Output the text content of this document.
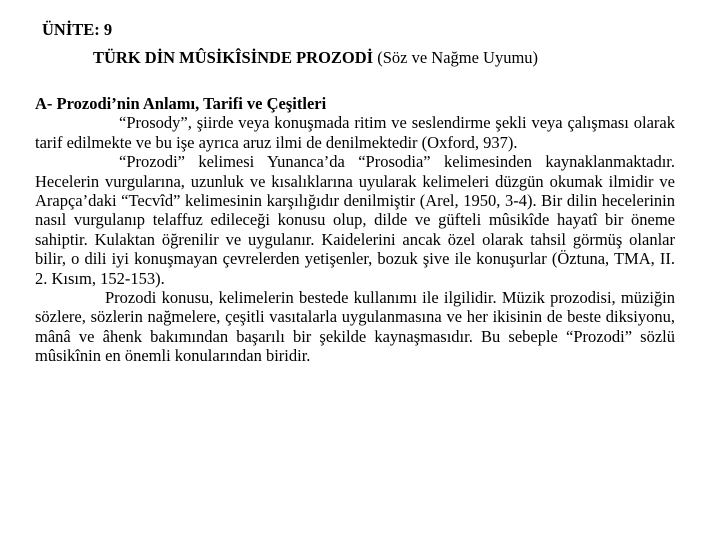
ÜNİTE: 9
TÜRK DİN MÛSİKÎSİNDE PROZODİ (Söz ve Nağme Uyumu)

A- Prozodi’nin Anlamı, Tarifi ve Çeşitleri

“Prosody”, şiirde veya konuşmada ritim ve seslendirme şekli veya çalışması olarak tarif edilmekte ve bu işe ayrıca aruz ilmi de denilmektedir (Oxford, 937).

“Prozodi” kelimesi Yunanca’da “Prosodia” kelimesinden kaynaklanmaktadır. Hecelerin vurgularına, uzunluk ve kısalıklarına uyularak kelimeleri düzgün okumak ilmidir ve Arapça’daki “Tecvîd” kelimesinin karşılığıdır denilmiştir (Arel, 1950, 3-4). Bir dilin hecelerinin nasıl vurgulanıp telaffuz edileceği konusu olup, dilde ve güfteli mûsikîde hayatî bir öneme sahiptir. Kulaktan öğrenilir ve uygulanır. Kaidelerini ancak özel olarak tahsil görmüş olanlar bilir, o dili iyi konuşmayan çevrelerden yetişenler, bozuk şive ile konuşurlar (Öztuna, TMA, II. 2. Kısım, 152-153).

Prozodi konusu, kelimelerin bestede kullanımı ile ilgilidir. Müzik prozodisi, müziğin sözlere, sözlerin nağmelere, çeşitli vasıtalarla uygulanmasına ve her ikisinin de beste diksiyonu, mânâ ve âhenk bakımından başarılı bir şekilde kaynaşmasıdır. Bu sebeple “Prozodi” sözlü mûsikînin en önemli konularından biridir.
